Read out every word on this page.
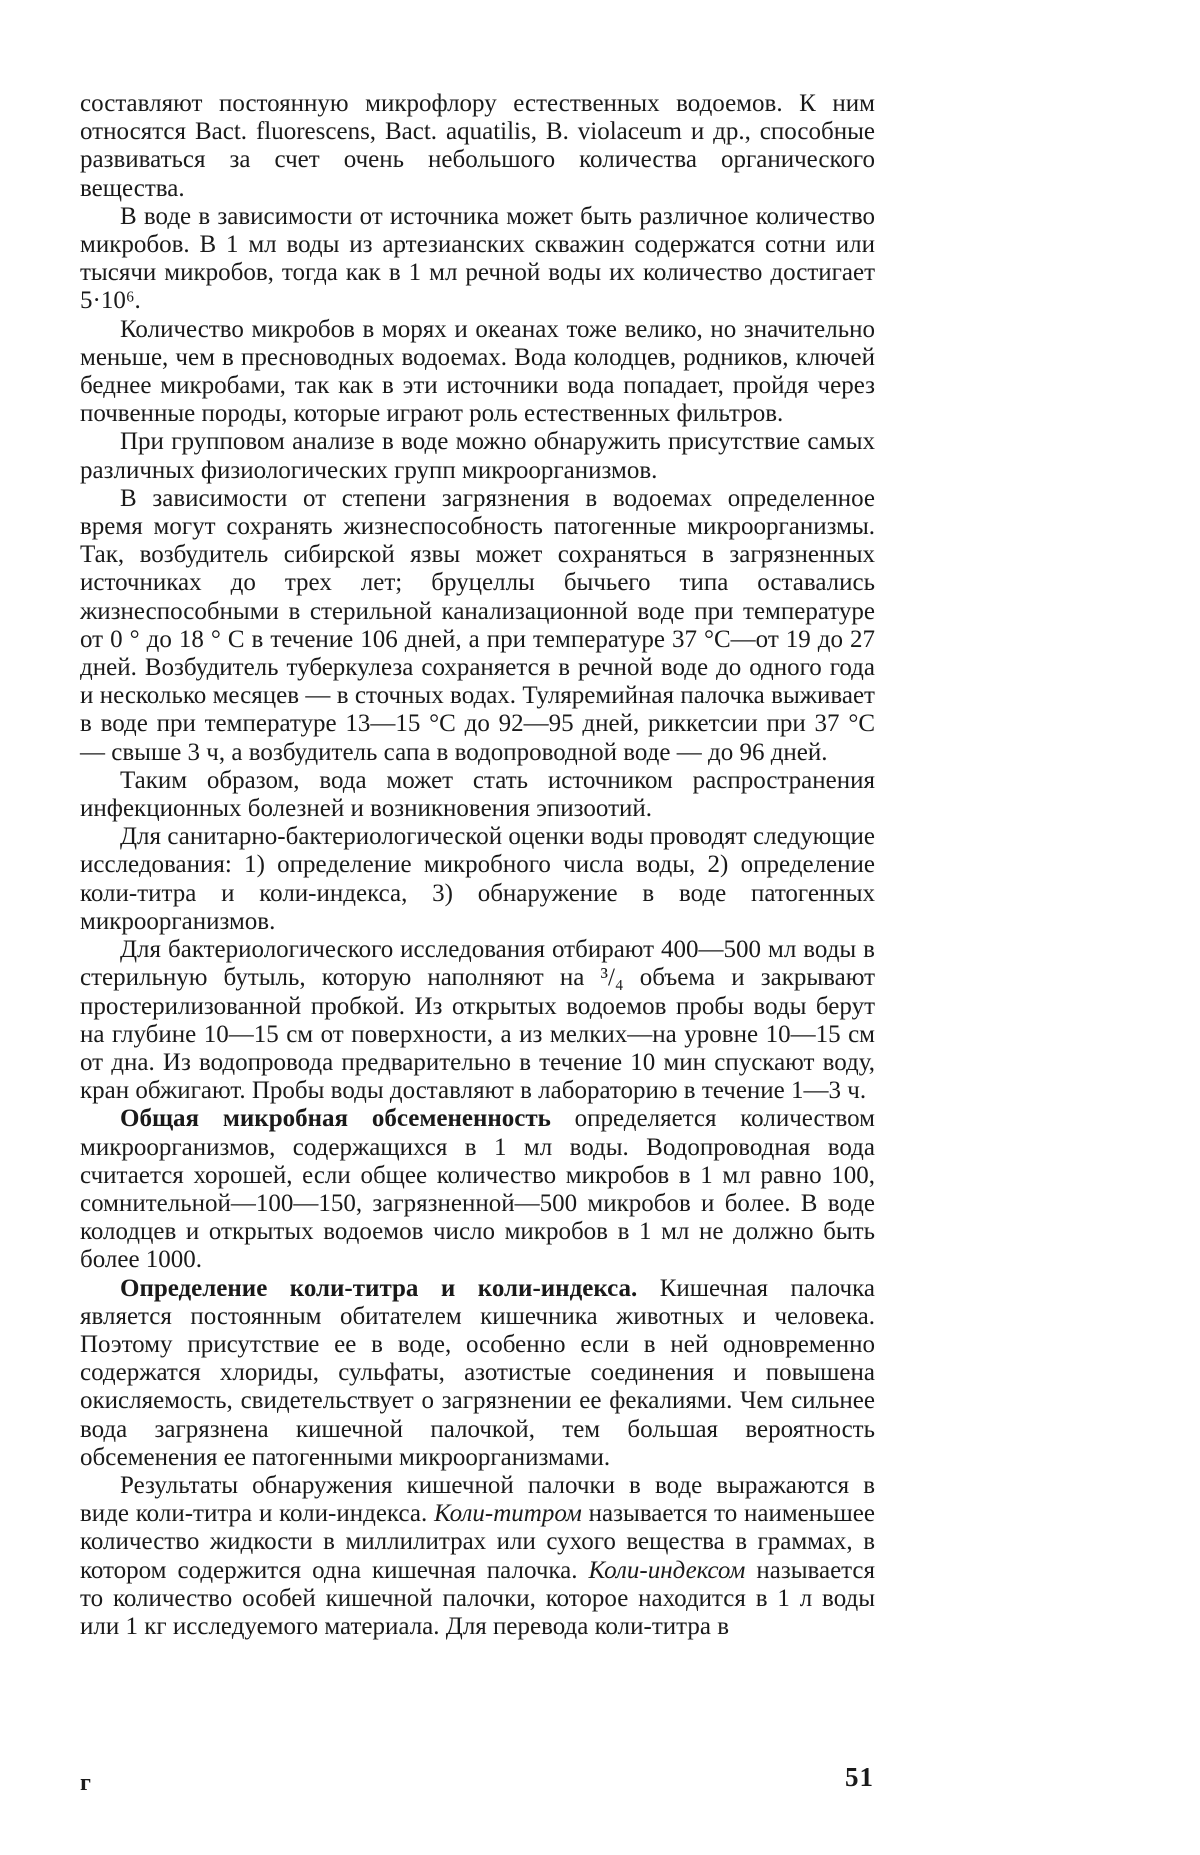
составляют постоянную микрофлору естественных водоемов. К ним относятся Bact. fluorescens, Bact. aquatilis, B. violaceum и др., способные развиваться за счет очень небольшого количества органического вещества.

В воде в зависимости от источника может быть различное количество микробов. В 1 мл воды из артезианских скважин содержатся сотни или тысячи микробов, тогда как в 1 мл речной воды их количество достигает 5·10⁶.

Количество микробов в морях и океанах тоже велико, но значительно меньше, чем в пресноводных водоемах. Вода колодцев, родников, ключей беднее микробами, так как в эти источники вода попадает, пройдя через почвенные породы, которые играют роль естественных фильтров.

При групповом анализе в воде можно обнаружить присутствие самых различных физиологических групп микроорганизмов.

В зависимости от степени загрязнения в водоемах определенное время могут сохранять жизнеспособность патогенные микроорганизмы. Так, возбудитель сибирской язвы может сохраняться в загрязненных источниках до трех лет; бруцеллы бычьего типа оставались жизнеспособными в стерильной канализационной воде при температуре от 0 ° до 18 ° С в течение 106 дней, а при температуре 37 °С—от 19 до 27 дней. Возбудитель туберкулеза сохраняется в речной воде до одного года и несколько месяцев — в сточных водах. Туляремийная палочка выживает в воде при температуре 13—15 °С до 92—95 дней, риккетсии при 37 °С — свыше 3 ч, а возбудитель сапа в водопроводной воде — до 96 дней.

Таким образом, вода может стать источником распространения инфекционных болезней и возникновения эпизоотий.

Для санитарно-бактериологической оценки воды проводят следующие исследования: 1) определение микробного числа воды, 2) определение коли-титра и коли-индекса, 3) обнаружение в воде патогенных микроорганизмов.

Для бактериологического исследования отбирают 400—500 мл воды в стерильную бутыль, которую наполняют на ³/₄ объема и закрывают простерилизованной пробкой. Из открытых водоемов пробы воды берут на глубине 10—15 см от поверхности, а из мелких—на уровне 10—15 см от дна. Из водопровода предварительно в течение 10 мин спускают воду, кран обжигают. Пробы воды доставляют в лабораторию в течение 1—3 ч.

Общая микробная обсемененность определяется количеством микроорганизмов, содержащихся в 1 мл воды. Водопроводная вода считается хорошей, если общее количество микробов в 1 мл равно 100, сомнительной—100—150, загрязненной—500 микробов и более. В воде колодцев и открытых водоемов число микробов в 1 мл не должно быть более 1000.

Определение коли-титра и коли-индекса. Кишечная палочка является постоянным обитателем кишечника животных и человека. Поэтому присутствие ее в воде, особенно если в ней одновременно содержатся хлориды, сульфаты, азотистые соединения и повышена окисляемость, свидетельствует о загрязнении ее фекалиями. Чем сильнее вода загрязнена кишечной палочкой, тем большая вероятность обсеменения ее патогенными микроорганизмами.

Результаты обнаружения кишечной палочки в воде выражаются в виде коли-титра и коли-индекса. Коли-титром называется то наименьшее количество жидкости в миллилитрах или сухого вещества в граммах, в котором содержится одна кишечная палочка. Коли-индексом называется то количество особей кишечной палочки, которое находится в 1 л воды или 1 кг исследуемого материала. Для перевода коли-титра в

г	51
